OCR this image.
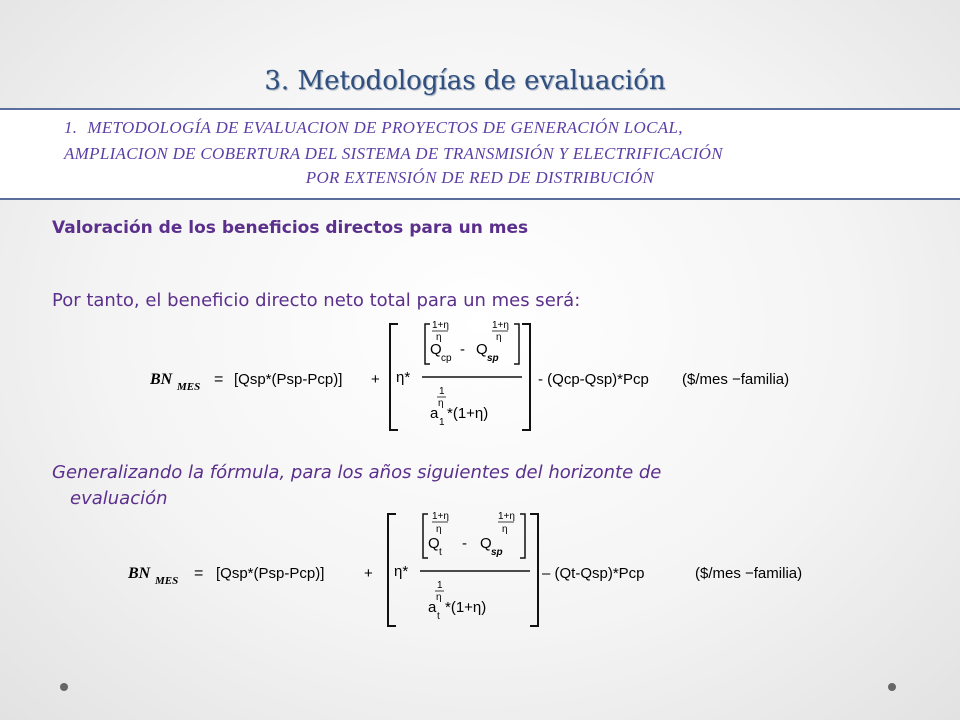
3. Metodologías de evaluación
1. METODOLOGÍA DE EVALUACION DE PROYECTOS DE GENERACIÓN LOCAL,
AMPLIACION DE COBERTURA DEL SISTEMA DE TRANSMISIÓN Y ELECTRIFICACIÓN
POR EXTENSIÓN DE RED DE DISTRIBUCIÓN
Valoración de los beneficios directos para un mes
Por tanto, el beneficio directo neto total para un mes será:
BN MES = [Qsp*(Psp-Pcp)] + η*
1+η
η
Q
cp
-
1+η
η
Q
sp
1
η
a
1
*(1+η)
- (Qcp-Qsp)*Pcp ($/mes −familia)
Generalizando la fórmula, para los años siguientes del horizonte de
evaluación
BN MES = [Qsp*(Psp-Pcp)]	+ η*
1+η
η
Q
t
-
1+η
η
Q
sp
1
η
a
t
*(1+η)
– (Qt-Qsp)*Pcp	($/mes −familia)
